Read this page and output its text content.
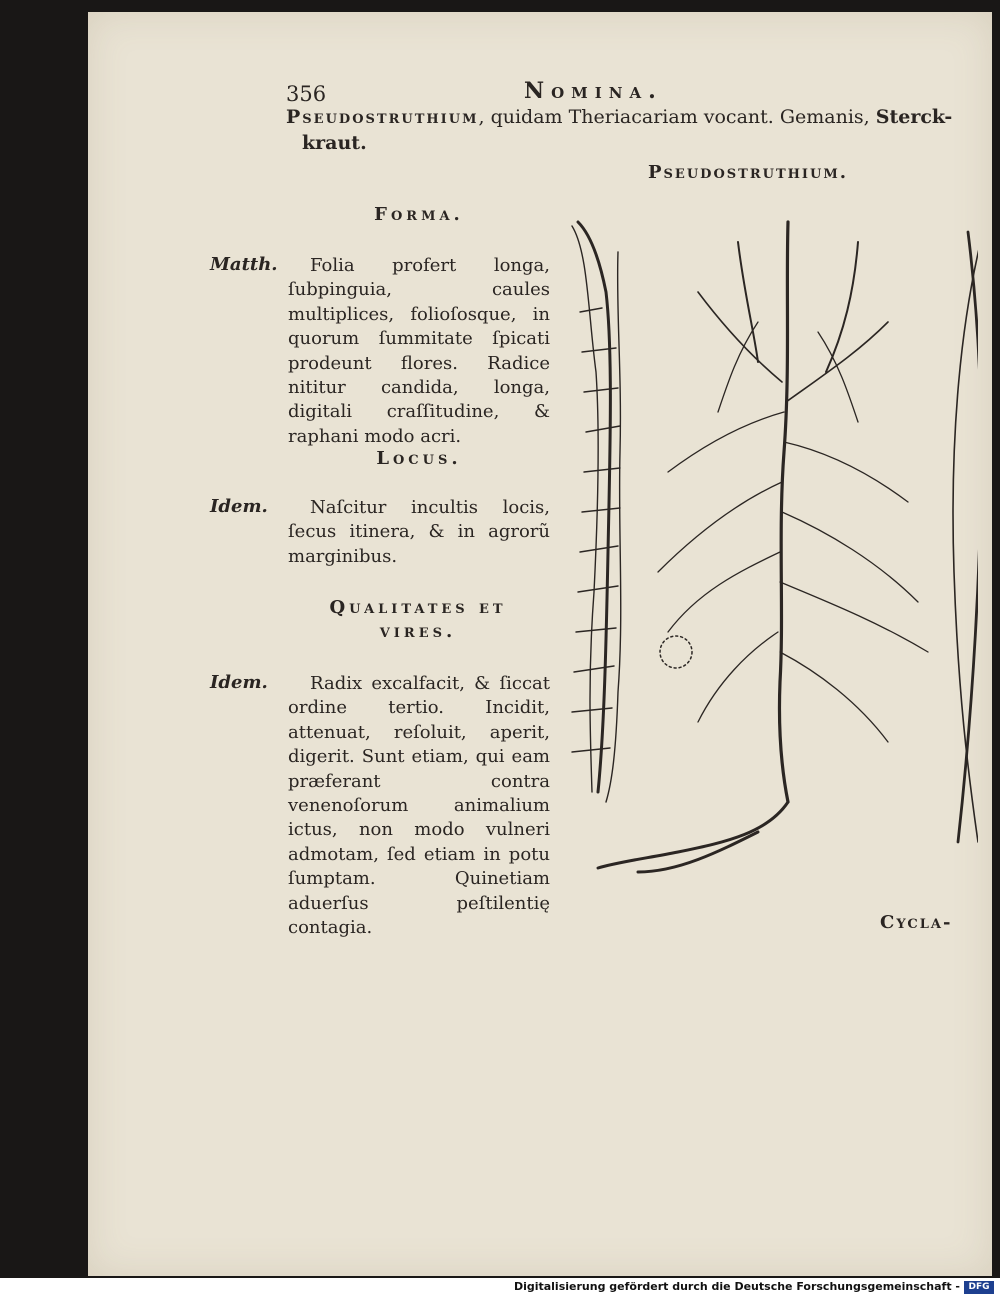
356	Nomina.
Pseudostruthium, quidam Theriacariam vocant. Gemanis, Sterck-
kraut.
Pseudostruthium.
Forma.
Matth.	Folia profert longa, ſubpinguia, caules multiplices, folioſosque, in quorum ſummitate ſpicati prodeunt flores. Radice nititur candida, longa, digitali craſſitudine, & raphani modo acri.
Locus.
Idem.	Naſcitur incultis locis, ſecus itinera, & in agrorũ marginibus.
Qualitates et vires.
Idem.	Radix excalfacit, & ſiccat ordine tertio. Incidit, attenuat, reſoluit, aperit, digerit. Sunt etiam, qui eam præferant contra venenoſorum animalium ictus, non modo vulneri admotam, ſed etiam in potu ſumptam. Quinetiam aduerſus peſtilentię contagia.	Cycla-
Digitalisierung gefördert durch die Deutsche Forschungsgemeinschaft - DFG
